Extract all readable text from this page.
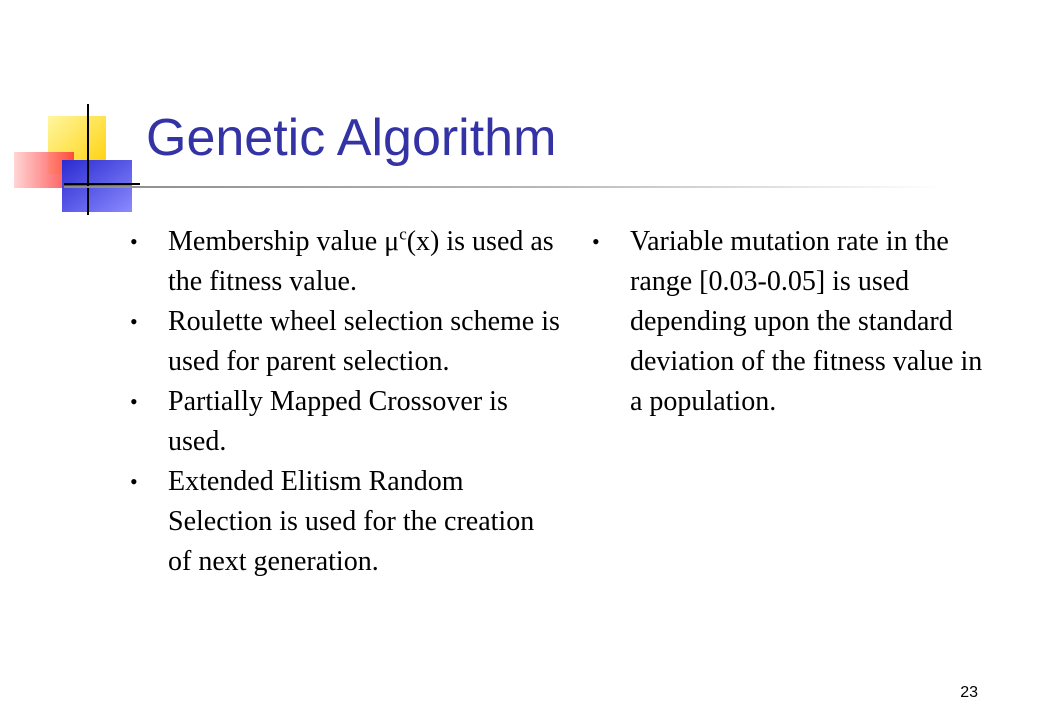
Genetic Algorithm
• Membership value $\mu^c(x)$ is used as the fitness value.
• Roulette wheel selection scheme is used for parent selection.
• Partially Mapped Crossover is used.
• Extended Elitism Random Selection is used for the creation of next generation.
• Variable mutation rate in the range [0.03-0.05] is used depending upon the standard deviation of the fitness value in a population.
23
